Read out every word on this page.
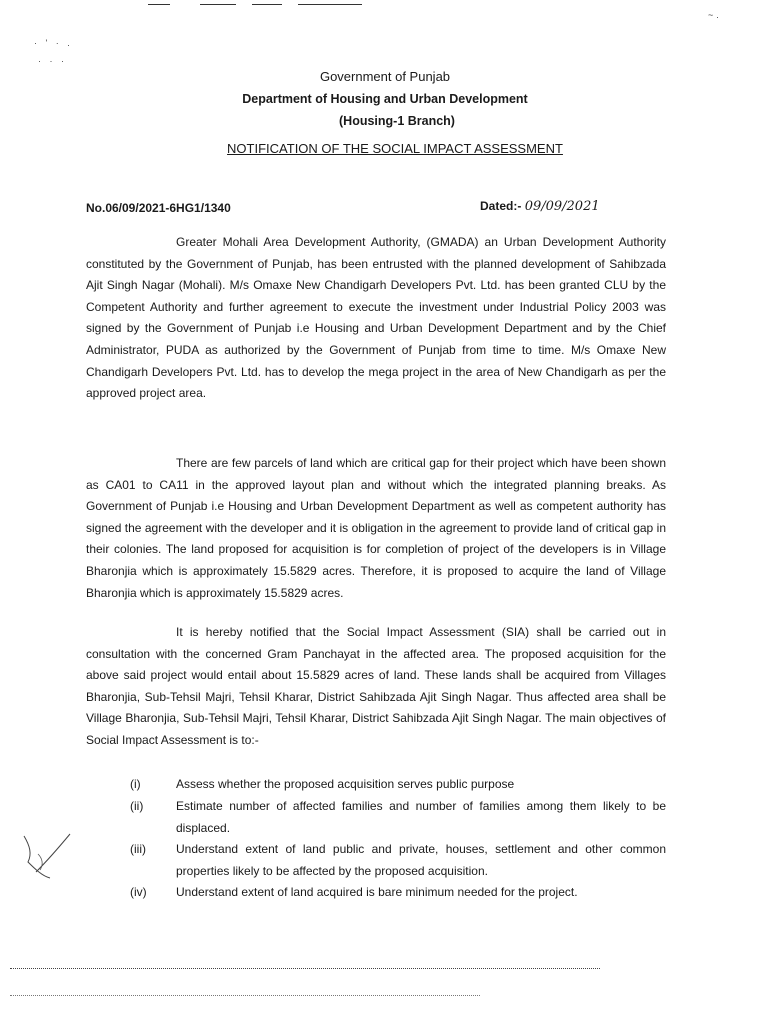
· ' · .
· · ·
~.
Government of Punjab
Department of Housing and Urban Development
(Housing-1 Branch)
NOTIFICATION OF THE SOCIAL IMPACT ASSESSMENT
No.06/09/2021-6HG1/1340	Dated:- 09/09/2021

Greater Mohali Area Development Authority, (GMADA) an Urban Development Authority constituted by the Government of Punjab, has been entrusted with the planned development of Sahibzada Ajit Singh Nagar (Mohali). M/s Omaxe New Chandigarh Developers Pvt. Ltd. has been granted CLU by the Competent Authority and further agreement to execute the investment under Industrial Policy 2003 was signed by the Government of Punjab i.e Housing and Urban Development Department and by the Chief Administrator, PUDA as authorized by the Government of Punjab from time to time. M/s Omaxe New Chandigarh Developers Pvt. Ltd. has to develop the mega project in the area of New Chandigarh as per the approved project area.

There are few parcels of land which are critical gap for their project which have been shown as CA01 to CA11 in the approved layout plan and without which the integrated planning breaks. As Government of Punjab i.e Housing and Urban Development Department as well as competent authority has signed the agreement with the developer and it is obligation in the agreement to provide land of critical gap in their colonies. The land proposed for acquisition is for completion of project of the developers is in Village Bharonjia which is approximately 15.5829 acres. Therefore, it is proposed to acquire the land of Village Bharonjia which is approximately 15.5829 acres.

It is hereby notified that the Social Impact Assessment (SIA) shall be carried out in consultation with the concerned Gram Panchayat in the affected area. The proposed acquisition for the above said project would entail about 15.5829 acres of land. These lands shall be acquired from Villages Bharonjia, Sub-Tehsil Majri, Tehsil Kharar, District Sahibzada Ajit Singh Nagar. Thus affected area shall be Village Bharonjia, Sub-Tehsil Majri, Tehsil Kharar, District Sahibzada Ajit Singh Nagar. The main objectives of Social Impact Assessment is to:-

(i)	Assess whether the proposed acquisition serves public purpose
(ii)	Estimate number of affected families and number of families among them likely to be displaced.
(iii)	Understand extent of land public and private, houses, settlement and other common properties likely to be affected by the proposed acquisition.
(iv) Understand extent of land acquired is bare minimum needed for the project.
